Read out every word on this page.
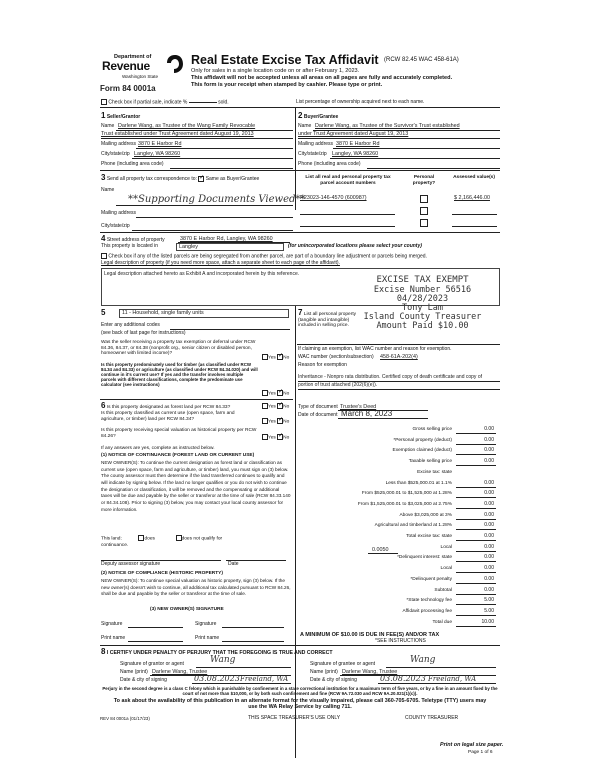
Department of
Revenue
Washington State
Form 84 0001a
Real Estate Excise Tax Affidavit (RCW 82.45 WAC 458-61A)
Only for sales in a single location code on or after February 1, 2023.
This affidavit will not be accepted unless all areas on all pages are fully and accurately completed.
This form is your receipt when stamped by cashier. Please type or print.
Check box if partial sale, indicate %	sold.	List percentage of ownership acquired next to each name.
1 Seller/Grantor
Name Darlene Wang, as Trustee of the Wang Family Revocable
Trust established under Trust Agreement dated August 19, 2013
Mailing address 3870 E Harbor Rd
City/state/zip Langley, WA 98260
Phone (including area code)
2 Buyer/Grantee
Name Darlene Wang, as Trustee of the Survivor's Trust established
under Trust Agreement dated August 19, 2013
Mailing address 3870 E Harbor Rd
City/state/zip Langley, WA 98260
Phone (including area code)
3 Send all property tax correspondence to: ✓ Same as Buyer/Grantee
Name
**Supporting Documents Viewed**
Mailing address
City/state/zip
List all real and personal property tax parcel account numbers
Personal property?
Assessed value(s)
R23023-146-4570 (600987)	$ 2,166,446.00
4 Street address of property	3870 E Harbor Rd, Langley, WA 98260
This property is located in	Langley	(for unincorporated locations please select your county)
Check box if any of the listed parcels are being segregated from another parcel, are part of a boundary line adjustment or parcels being merged.
Legal description of property (if you need more space, attach a separate sheet to each page of the affidavit).
Legal description attached hereto as Exhibit A and incorporated herein by this reference.
EXCISE TAX EXEMPT
Excise Number 56516
04/28/2023
Tony Lam
Island County Treasurer
Amount Paid $10.00
5	11 - Household, single family units
Enter any additional codes
(see back of last page for instructions)
Was the seller receiving a property tax exemption or deferral under RCW 84.36, 84.37, or 84.38 (nonprofit org., senior citizen or disabled person, homeowner with limited income)?
Yes ✓ No
Is this property predominately used for timber (as classified under RCW 84.34 and 84.33) or agriculture (as classified under RCW 84.34.020) and will continue in it's current use? If yes and the transfer involves multiple parcels with different classifications, complete the predominate use calculator (see instructions)
Yes ✓ No
7 List all personal property (tangible and intangible) included in selling price.
If claiming an exemption, list WAC number and reason for exemption.
WAC number (section/subsection) 458-61A-202(4)
Reason for exemption
Inheritance - Nonpro rata distribution. Certified copy of death certificate and copy of portion of trust attached (202(6)(e)).
Type of document Trustee's Deed
Date of document March 8, 2023
Gross selling price	0.00
*Personal property (deduct)	0.00
Exemption claimed (deduct)	0.00
Taxable selling price	0.00
Excise tax: state
Less than $525,000.01 at 1.1%	0.00
From $525,000.01 to $1,525,000 at 1.28%	0.00
From $1,525,000.01 to $3,025,000 at 2.75%	0.00
Above $3,025,000 at 3%	0.00
Agricultural and timberland at 1.28%	0.00
Total excise tax: state	0.00
Local	0.00
*Delinquent interest: state	0.00
Local	0.00
*Delinquent penalty	0.00
Subtotal	0.00
*State technology fee	5.00
Affidavit processing fee	5.00
Total due	10.00
0.0050
A MINIMUM OF $10.00 IS DUE IN FEE(S) AND/OR TAX
*SEE INSTRUCTIONS
6 Is this property designated as forest land per RCW 84.33?	Yes ✓ No
Is this property classified as current use (open space, farm and agriculture, or timber) land per RCW 84.34?
Yes ✓ No
Is this property receiving special valuation as historical property per RCW 84.26?	Yes ✓ No
If any answers are yes, complete as instructed below.
(1) NOTICE OF CONTINUANCE (FOREST LAND OR CURRENT USE)
NEW OWNER(S): To continue the current designation as forest land or classification as current use (open space, farm and agriculture, or timber) land, you must sign on (3) below. The county assessor must then determine if the land transferred continues to qualify and will indicate by signing below. If the land no longer qualifies or you do not wish to continue the designation or classification, it will be removed and the compensating or additional taxes will be due and payable by the seller or transferor at the time of sale (RCW 84.33.140 or 84.34.108). Prior to signing (3) below, you may contact your local county assessor for more information.
This land:	does	does not qualify for
continuance.
Deputy assessor signature	Date
(2) NOTICE OF COMPLIANCE (HISTORIC PROPERTY)
NEW OWNER(S): To continue special valuation as historic property, sign (3) below. If the new owner(s) doesn't wish to continue, all additional tax calculated pursuant to RCW 84.26, shall be due and payable by the seller or transferor at the time of sale.
(3) NEW OWNER(S) SIGNATURE
Signature	Signature
Print name	Print name
8 I CERTIFY UNDER PENALTY OF PERJURY THAT THE FOREGOING IS TRUE AND CORRECT
Signature of grantor or agent	Wang
Name (print) Darlene Wang, Trustee
Date & city of signing	03.08.2023 Freeland, WA
Signature of grantee or agent	Wang
Name (print) Darlene Wang, Trustee
Date & city of signing	03.08.2023 Freeland, WA
Perjury in the second degree is a class C felony which is punishable by confinement in a state correctional institution for a maximum term of five years, or by a fine in an amount fixed by the court of not more than $10,000, or by both such confinement and fine (RCW 9A.72.030 and RCW 9A.20.021(1)(c)).
To ask about the availability of this publication in an alternate format for the visually impaired, please call 360-705-6705. Teletype (TTY) users may use the WA Relay Service by calling 711.
REV 84 0001a (01/17/23)	THIS SPACE TREASURER'S USE ONLY	COUNTY TREASURER
Print on legal size paper.
Page 1 of 6
